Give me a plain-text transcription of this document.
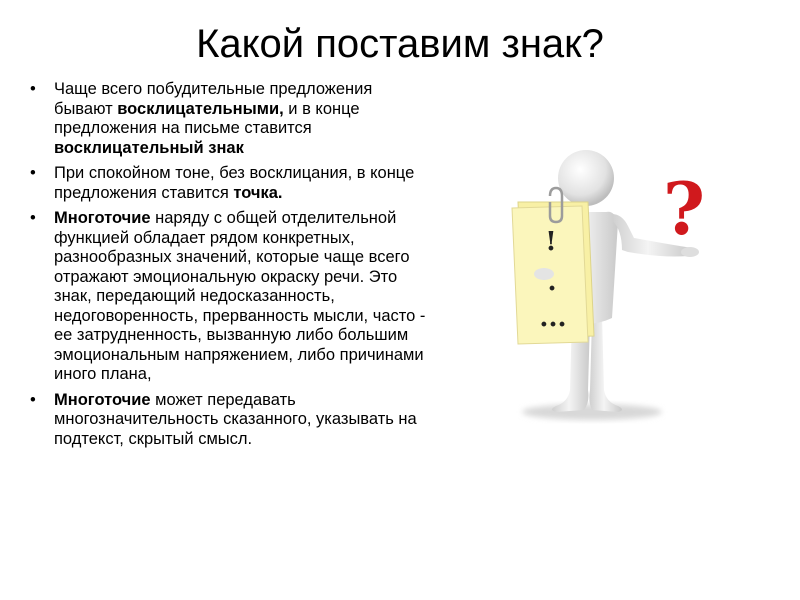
Какой поставим знак?
•	Чаще всего побудительные предложения бывают восклицательными, и в конце предложения на письме ставится восклицательный знак
•	При спокойном тоне, без восклицания, в конце предложения ставится точка.
•	Многоточие наряду с общей отделительной функцией обладает рядом конкретных, разнообразных значений, которые чаще всего отражают эмоциональную окраску речи. Это знак, передающий недосказанность, недоговоренность, прерванность мысли, часто - ее затрудненность, вызванную либо большим эмоциональным напряжением, либо причинами иного плана,
•	Многоточие может передавать многозначительность сказанного, указывать на подтекст, скрытый смысл.
!
.
...
?
